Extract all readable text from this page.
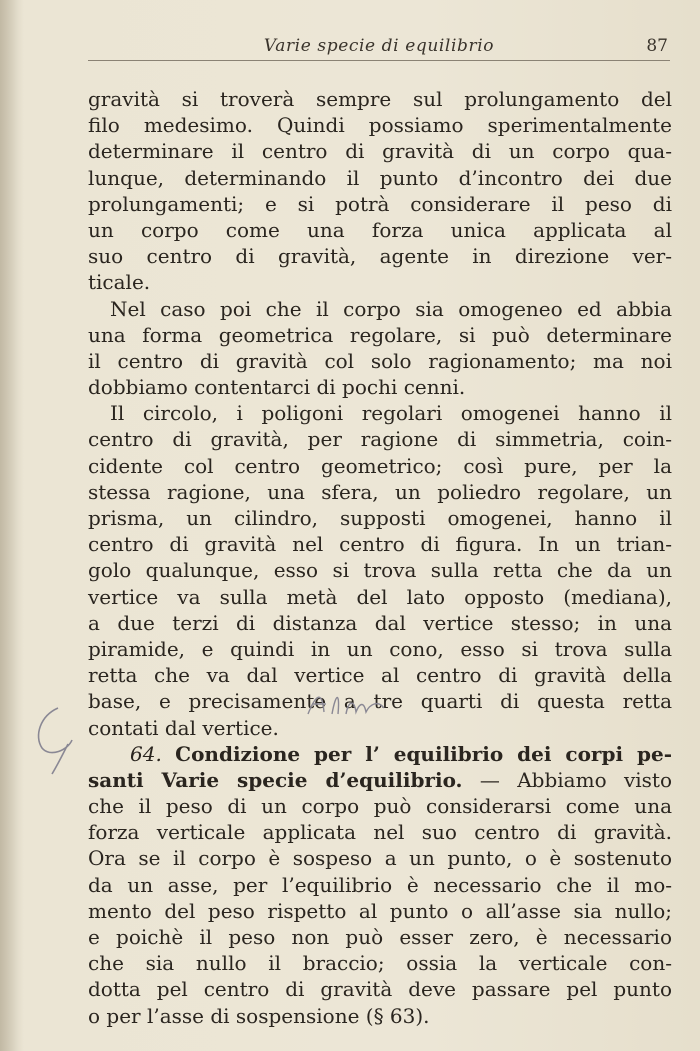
Varie specie di equilibrio	87
gravità si troverà sempre sul prolungamento del
filo medesimo. Quindi possiamo sperimentalmente
determinare il centro di gravità di un corpo qua-
lunque, determinando il punto d’incontro dei due
prolungamenti; e si potrà considerare il peso di
un corpo come una forza unica applicata al
suo centro di gravità, agente in direzione ver-
ticale.
Nel caso poi che il corpo sia omogeneo ed abbia
una forma geometrica regolare, si può determinare
il centro di gravità col solo ragionamento; ma noi
dobbiamo contentarci di pochi cenni.
Il circolo, i poligoni regolari omogenei hanno il
centro di gravità, per ragione di simmetria, coin-
cidente col centro geometrico; così pure, per la
stessa ragione, una sfera, un poliedro regolare, un
prisma, un cilindro, supposti omogenei, hanno il
centro di gravità nel centro di figura. In un trian-
golo qualunque, esso si trova sulla retta che da un
vertice va sulla metà del lato opposto (mediana),
a due terzi di distanza dal vertice stesso; in una
piramide, e quindi in un cono, esso si trova sulla
retta che va dal vertice al centro di gravità della
base, e precisamente a tre quarti di questa retta
contati dal vertice.
64. Condizione per l’ equilibrio dei corpi pe-
santi Varie specie d’equilibrio. — Abbiamo visto
che il peso di un corpo può considerarsi come una
forza verticale applicata nel suo centro di gravità.
Ora se il corpo è sospeso a un punto, o è sostenuto
da un asse, per l’equilibrio è necessario che il mo-
mento del peso rispetto al punto o all’asse sia nullo;
e poichè il peso non può esser zero, è necessario
che sia nullo il braccio; ossia la verticale con-
dotta pel centro di gravità deve passare pel punto
o per l’asse di sospensione (§ 63).
